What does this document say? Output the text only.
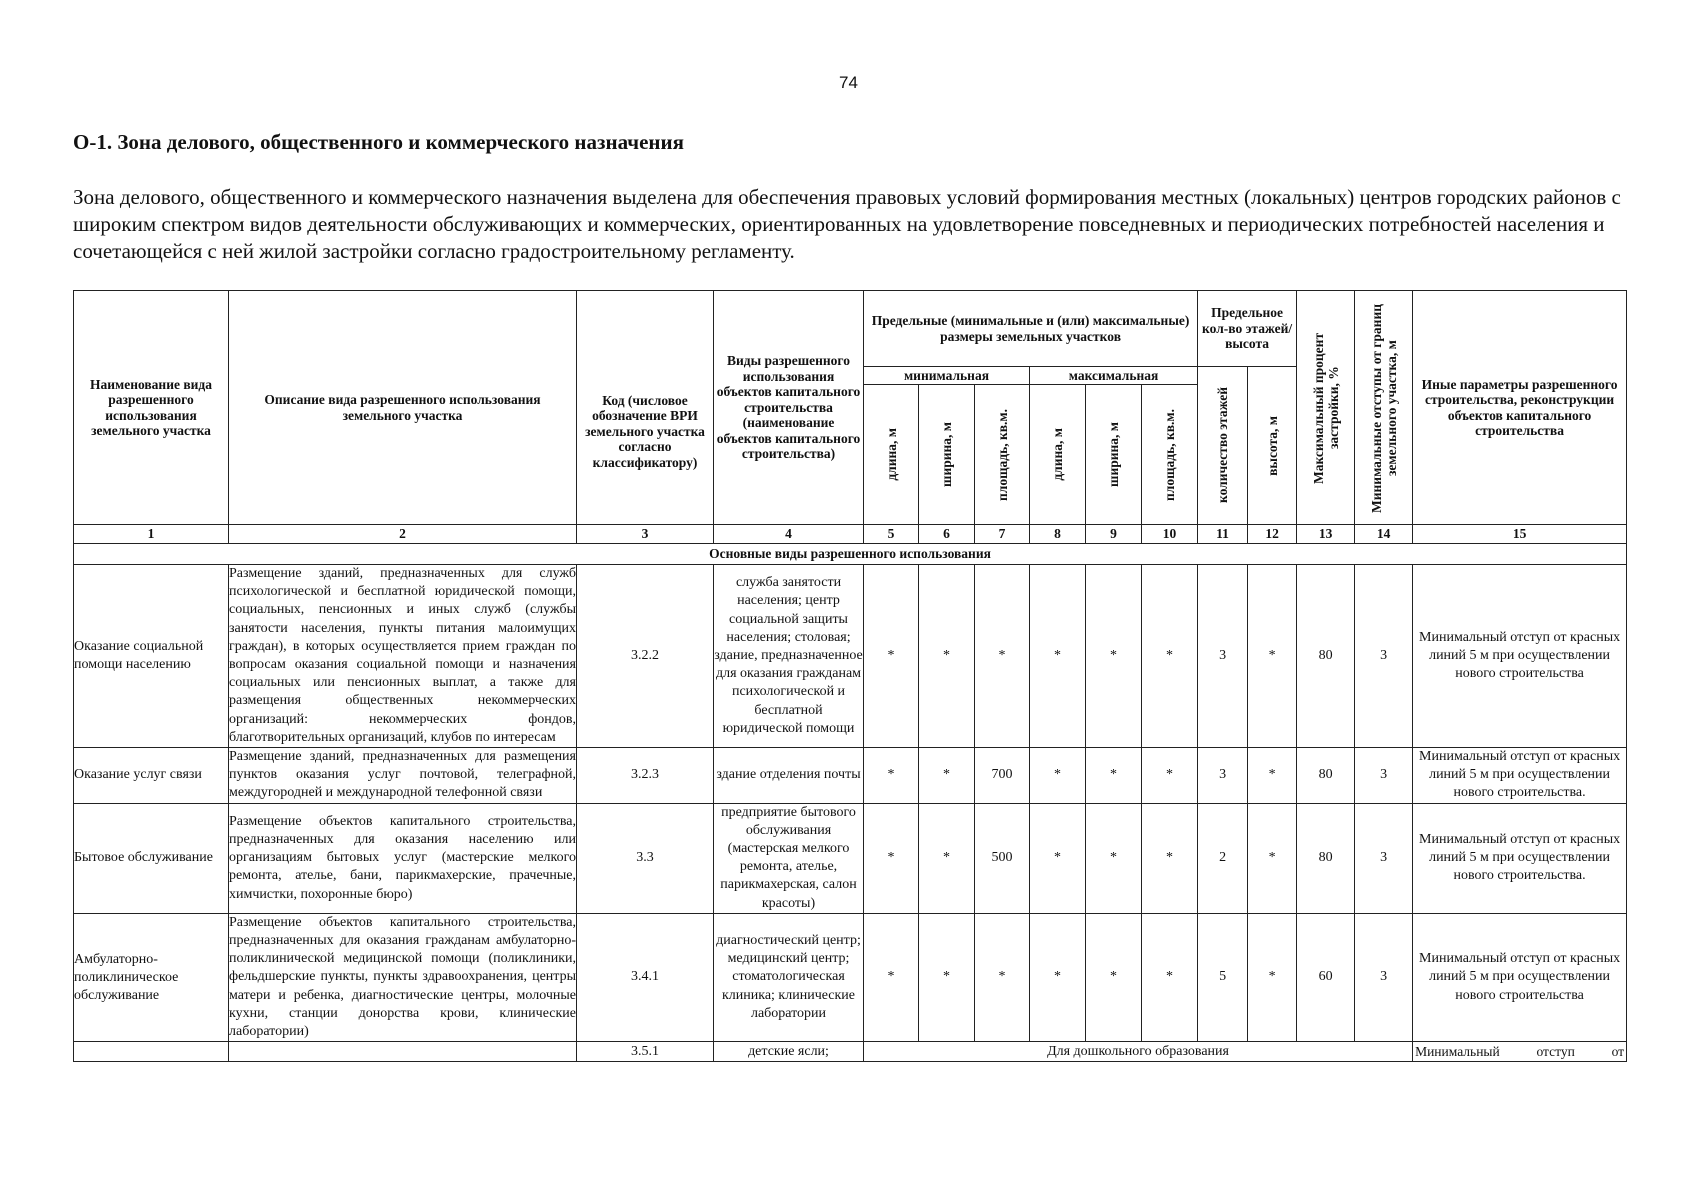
74
О-1. Зона делового, общественного и коммерческого назначения
Зона делового, общественного и коммерческого назначения выделена для обеспечения правовых условий формирования местных (локальных) центров городских районов с широким спектром видов деятельности обслуживающих и коммерческих, ориентированных на удовлетворение повседневных и периодических потребностей населения и сочетающейся с ней жилой застройки согласно градостроительному регламенту.
Наименование вида разрешенного использования земельного участка	Описание вида разрешенного использования земельного участка	Код (числовое обозначение ВРИ земельного участка согласно классификатору)	Виды разрешенного использования объектов капитального строительства (наименование объектов капитального строительства)	Предельные (минимальные и (или) максимальные) размеры земельных участков						Предельное кол-во этажей/ высота		Максимальный процент застройки, %	Минимальные отступы от границ земельного участка, м	Иные параметры разрешенного строительства, реконструкции объектов капитального строительства
				минимальная			максимальная			количество этажей	высота, м			

				длина, м	ширина, м	площадь, кв.м.	длина, м	ширина, м	площадь, кв.м.					

1	2	3	4	5	6	7	8	9	10	11	12	13	14	15
Основные виды разрешенного использования														
Оказание социальной помощи населению	Размещение зданий, предназначенных для служб психологической и бесплатной юридической помощи, социальных, пенсионных и иных служб (службы занятости населения, пункты питания малоимущих граждан), в которых осуществляется прием граждан по вопросам оказания социальной помощи и назначения социальных или пенсионных выплат, а также для размещения общественных некоммерческих организаций: некоммерческих фондов, благотворительных организаций, клубов по интересам	3.2.2	служба занятости населения; центр социальной защиты населения; столовая; здание, предназначенное для оказания гражданам психологической и бесплатной юридической помощи	*	*	*	*	*	*	3	*	80	3	Минимальный отступ от красных линий 5 м при осуществлении нового строительства
Оказание услуг связи	Размещение зданий, предназначенных для размещения пунктов оказания услуг почтовой, телеграфной, междугородней и международной телефонной связи	3.2.3	здание отделения почты	*	*	700	*	*	*	3	*	80	3	Минимальный отступ от красных линий 5 м при осуществлении нового строительства.
Бытовое обслуживание	Размещение объектов капитального строительства, предназначенных для оказания населению или организациям бытовых услуг (мастерские мелкого ремонта, ателье, бани, парикмахерские, прачечные, химчистки, похоронные бюро)	3.3	предприятие бытового обслуживания (мастерская мелкого ремонта, ателье, парикмахерская, салон красоты)	*	*	500	*	*	*	2	*	80	3	Минимальный отступ от красных линий 5 м при осуществлении нового строительства.
Амбулаторно-поликлиническое обслуживание	Размещение объектов капитального строительства, предназначенных для оказания гражданам амбулаторно-поликлинической медицинской помощи (поликлиники, фельдшерские пункты, пункты здравоохранения, центры матери и ребенка, диагностические центры, молочные кухни, станции донорства крови, клинические лаборатории)	3.4.1	диагностический центр; медицинский центр; стоматологическая клиника; клинические лаборатории	*	*	*	*	*	*	5	*	60	3	Минимальный отступ от красных линий 5 м при осуществлении нового строительства
		3.5.1	детские ясли;	Для дошкольного образования										Минимальный отступ от
